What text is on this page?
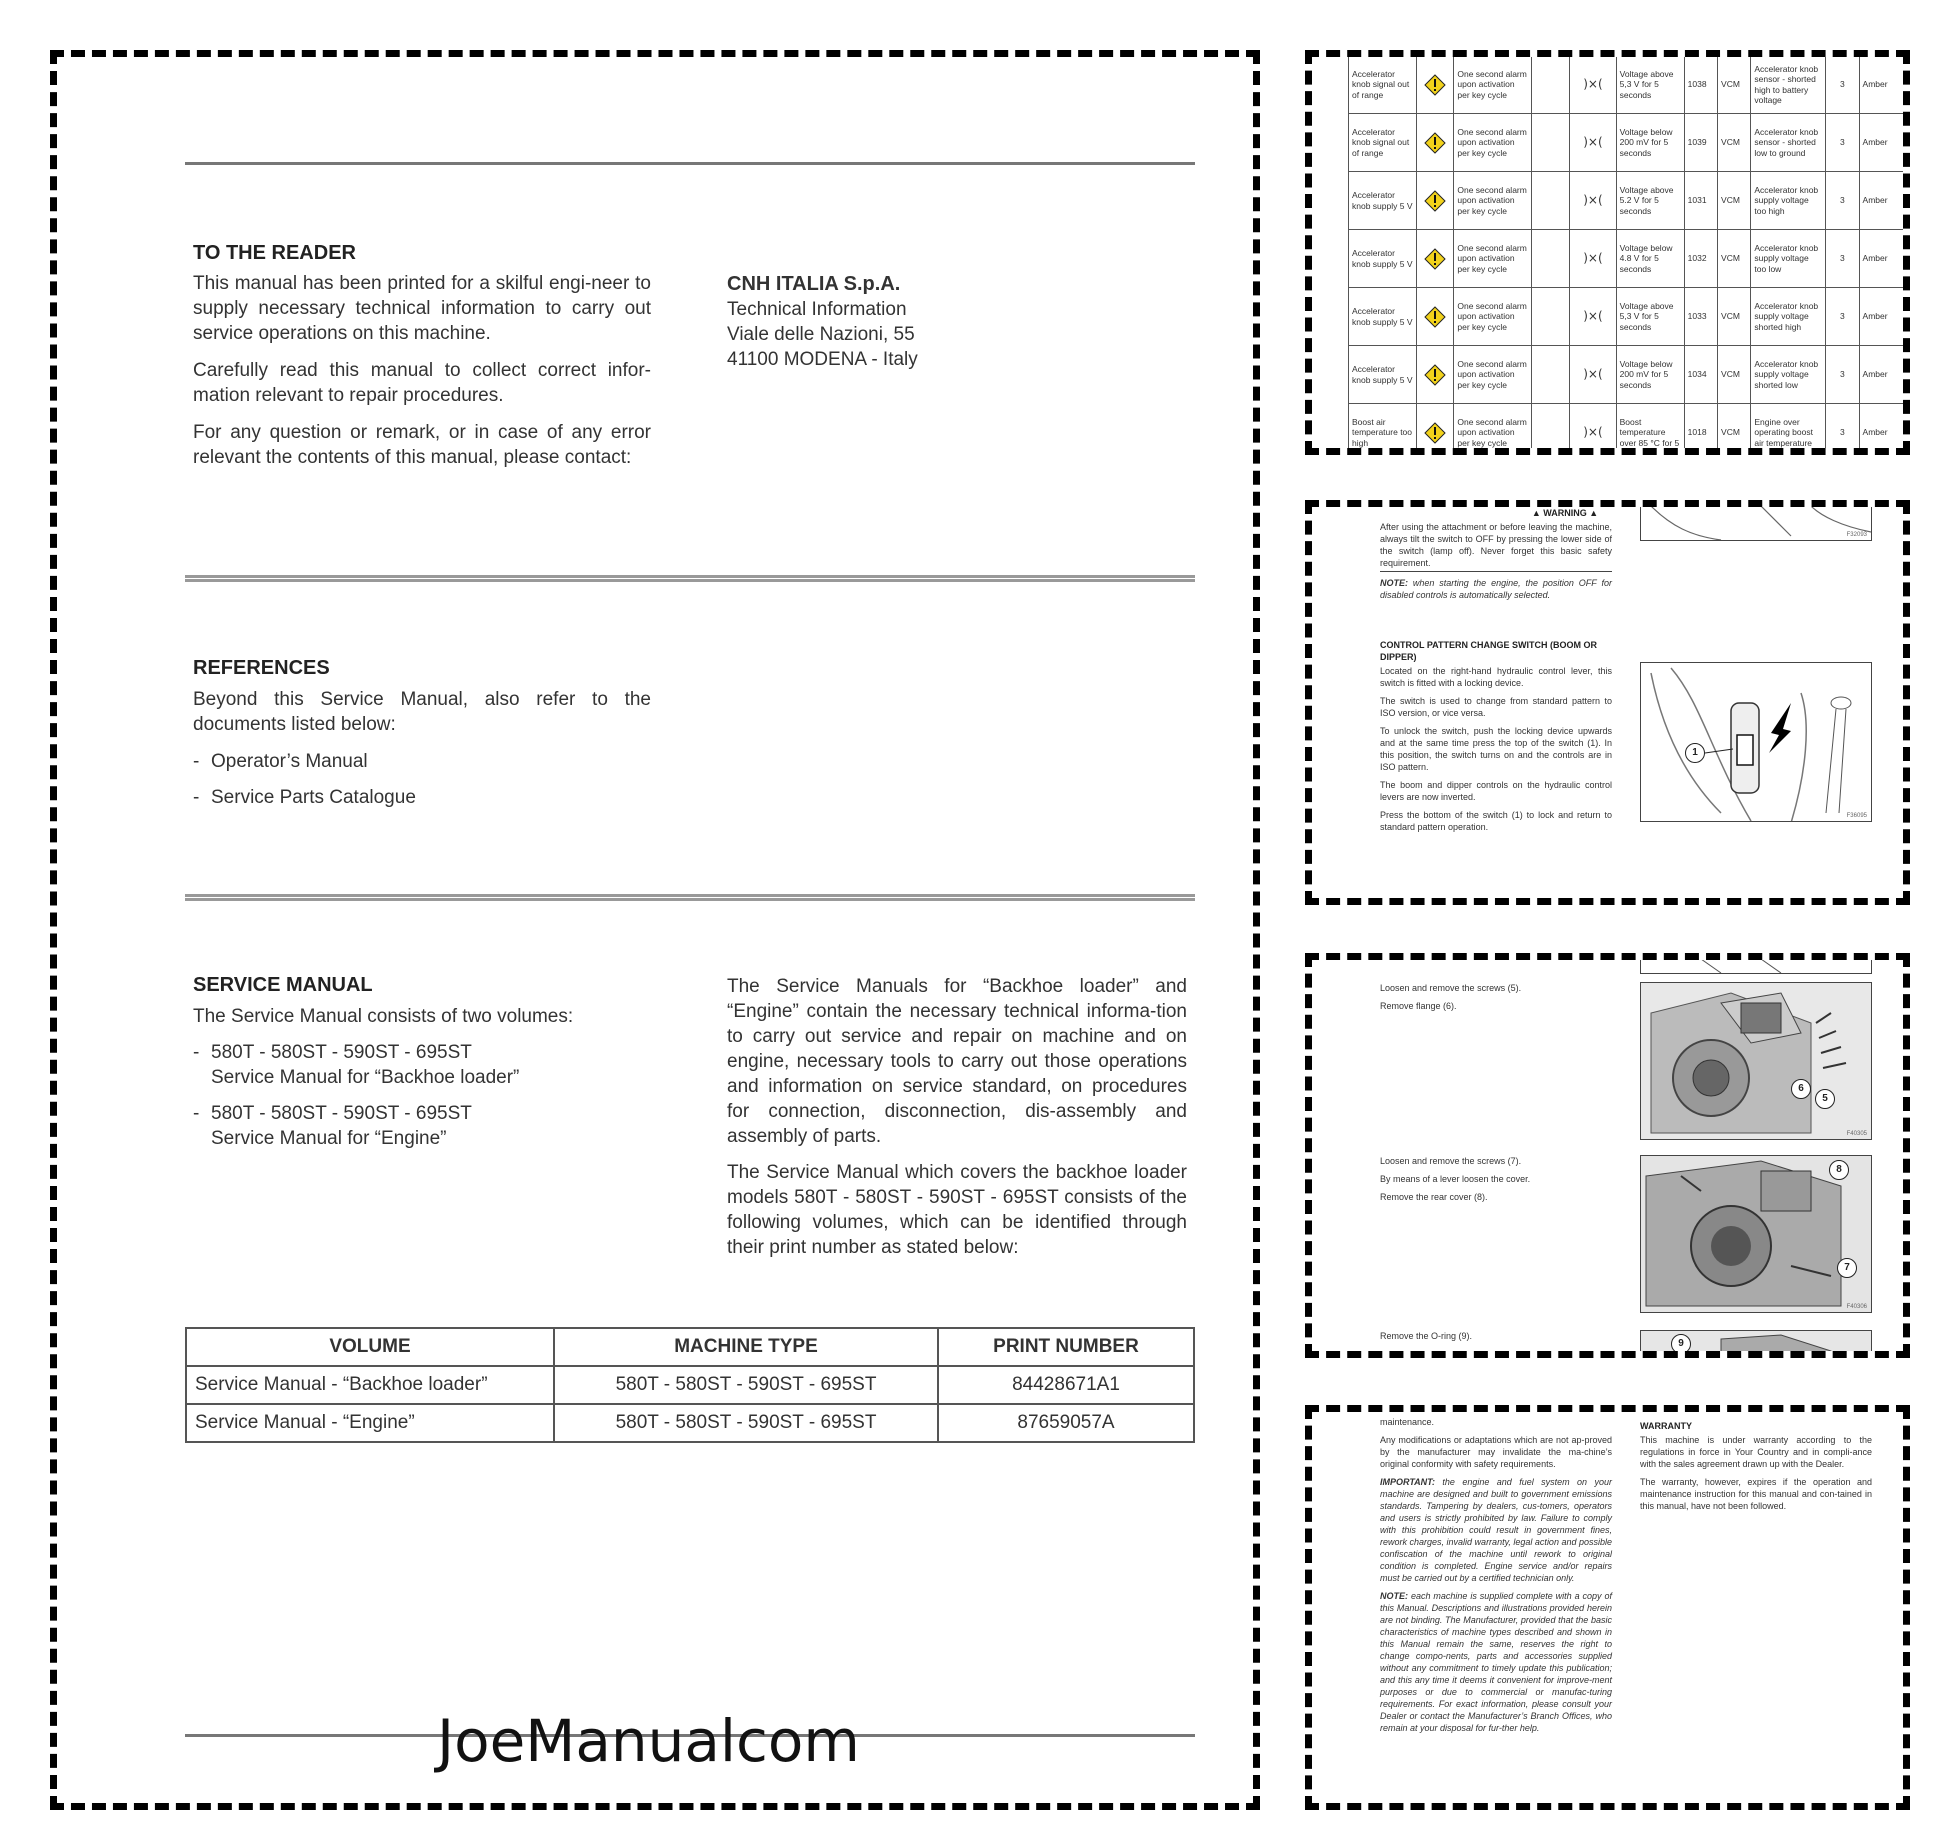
TO THE READER
This manual has been printed for a skilful engi-neer to supply necessary technical information to carry out service operations on this machine.
Carefully read this manual to collect correct infor-mation relevant to repair procedures.
For any question or remark, or in case of any error relevant the contents of this manual, please contact:
CNH ITALIA S.p.A.
Technical Information
Viale delle Nazioni, 55
41100 MODENA - Italy
REFERENCES
Beyond this Service Manual, also refer to the documents listed below:
- Operator’s Manual
- Service Parts Catalogue
SERVICE MANUAL
The Service Manual consists of two volumes:
- 580T - 580ST - 590ST - 695ST
Service Manual for “Backhoe loader”
- 580T - 580ST - 590ST - 695ST
Service Manual for “Engine”
The Service Manuals for “Backhoe loader” and “Engine” contain the necessary technical informa-tion to carry out service and repair on machine and on engine, necessary tools to carry out those operations and information on service standard, on procedures for connection, disconnection, dis-assembly and assembly of parts.
The Service Manual which covers the backhoe loader models 580T - 580ST - 590ST - 695ST consists of the following volumes, which can be identified through their print number as stated below:
VOLUME	MACHINE TYPE	PRINT NUMBER
Service Manual - “Backhoe loader”	580T - 580ST - 590ST - 695ST	84428671A1
Service Manual - “Engine”	580T - 580ST - 590ST - 695ST	87659057A
JoeManualcom
Accelerator knob signal out of range		One second alarm upon activation per key cycle		)×(	Voltage above 5,3 V for 5 seconds	1038	VCM	Accelerator knob sensor - shorted high to battery voltage	3	Amber
Accelerator knob signal out of range		One second alarm upon activation per key cycle		)×(	Voltage below 200 mV for 5 seconds	1039	VCM	Accelerator knob sensor - shorted low to ground	3	Amber
Accelerator knob supply 5 V		One second alarm upon activation per key cycle		)×(	Voltage above 5.2 V for 5 seconds	1031	VCM	Accelerator knob supply voltage too high	3	Amber
Accelerator knob supply 5 V		One second alarm upon activation per key cycle		)×(	Voltage below 4.8 V for 5 seconds	1032	VCM	Accelerator knob supply voltage too low	3	Amber
Accelerator knob supply 5 V		One second alarm upon activation per key cycle		)×(	Voltage above 5,3 V for 5 seconds	1033	VCM	Accelerator knob supply voltage shorted high	3	Amber
Accelerator knob supply 5 V		One second alarm upon activation per key cycle		)×(	Voltage below 200 mV for 5 seconds	1034	VCM	Accelerator knob supply voltage shorted low	3	Amber
Boost air temperature too high		One second alarm upon activation per key cycle		)×(	Boost temperature over 85 °C for 5	1018	VCM	Engine over operating boost air temperature	3	Amber
▲ WARNING ▲
After using the attachment or before leaving the machine, always tilt the switch to OFF by pressing the lower side of the switch (lamp off). Never forget this basic safety requirement.
NOTE: when starting the engine, the position OFF for disabled controls is automatically selected.
CONTROL PATTERN CHANGE SWITCH (BOOM OR DIPPER)

Located on the right-hand hydraulic control lever, this switch is fitted with a locking device.

The switch is used to change from standard pattern to ISO version, or vice versa.

To unlock the switch, push the locking device upwards and at the same time press the top of the switch (1). In this position, the switch turns on and the controls are in ISO pattern.

The boom and dipper controls on the hydraulic control levers are now inverted.

Press the bottom of the switch (1) to lock and return to standard pattern operation.

F32093
1
F36095

Loosen and remove the screws (5).

Remove flange (6).

6
5
F40305

Loosen and remove the screws (7).

By means of a lever loosen the cover.

Remove the rear cover (8).

8
7
F40306

Remove the O-ring (9).

9

maintenance.

Any modifications or adaptations which are not ap-proved by the manufacturer may invalidate the ma-chine’s original conformity with safety requirements.

IMPORTANT: the engine and fuel system on your machine are designed and built to government emissions standards. Tampering by dealers, cus-tomers, operators and users is strictly prohibited by law. Failure to comply with this prohibition could result in government fines, rework charges, invalid warranty, legal action and possible confiscation of the machine until rework to original condition is completed. Engine service and/or repairs must be carried out by a certified technician only.

NOTE: each machine is supplied complete with a copy of this Manual. Descriptions and illustrations provided herein are not binding. The Manufacturer, provided that the basic characteristics of machine types described and shown in this Manual remain the same, reserves the right to change compo-nents, parts and accessories supplied without any commitment to timely update this publication; and this any time it deems it convenient for improve-ment purposes or due to commercial or manufac-turing requirements. For exact information, please consult your Dealer or contact the Manufacturer’s Branch Offices, who remain at your disposal for fur-ther help.

WARRANTY

This machine is under warranty according to the regulations in force in Your Country and in compli-ance with the sales agreement drawn up with the Dealer.

The warranty, however, expires if the operation and maintenance instruction for this manual and con-tained in this manual, have not been followed.
